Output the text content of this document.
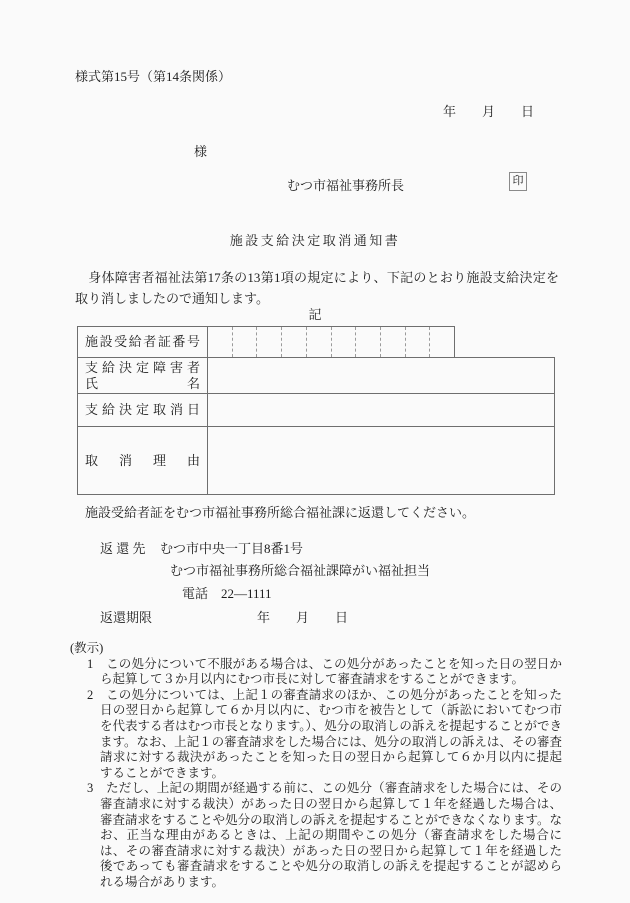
様式第15号（第14条関係）
年　　月　　日
様
むつ市福祉事務所長	印
施設支給決定取消通知書
　身体障害者福祉法第17条の13第1項の規定により、下記のとおり施設支給決定を取り消しましたので通知します。
記
施設受給者証番号
支給決定障害者
氏名
支給決定取消日
取消理由
施設受給者証をむつ市福祉事務所総合福祉課に返還してください。
返 還 先 むつ市中央一丁目8番1号
むつ市福祉事務所総合福祉課障がい福祉担当
電話　22―1111
返還期限	年　　月　　日
(教示)
1　この処分について不服がある場合は、この処分があったことを知った日の翌日から起算して３か月以内にむつ市長に対して審査請求をすることができます。
2　この処分については、上記１の審査請求のほか、この処分があったことを知った日の翌日から起算して６か月以内に、むつ市を被告として（訴訟においてむつ市を代表する者はむつ市長となります。）、処分の取消しの訴えを提起することができます。なお、上記１の審査請求をした場合には、処分の取消しの訴えは、その審査請求に対する裁決があったことを知った日の翌日から起算して６か月以内に提起することができます。
3　ただし、上記の期間が経過する前に、この処分（審査請求をした場合には、その審査請求に対する裁決）があった日の翌日から起算して１年を経過した場合は、審査請求をすることや処分の取消しの訴えを提起することができなくなります。なお、正当な理由があるときは、上記の期間やこの処分（審査請求をした場合には、その審査請求に対する裁決）があった日の翌日から起算して１年を経過した後であっても審査請求をすることや処分の取消しの訴えを提起することが認められる場合があります。
